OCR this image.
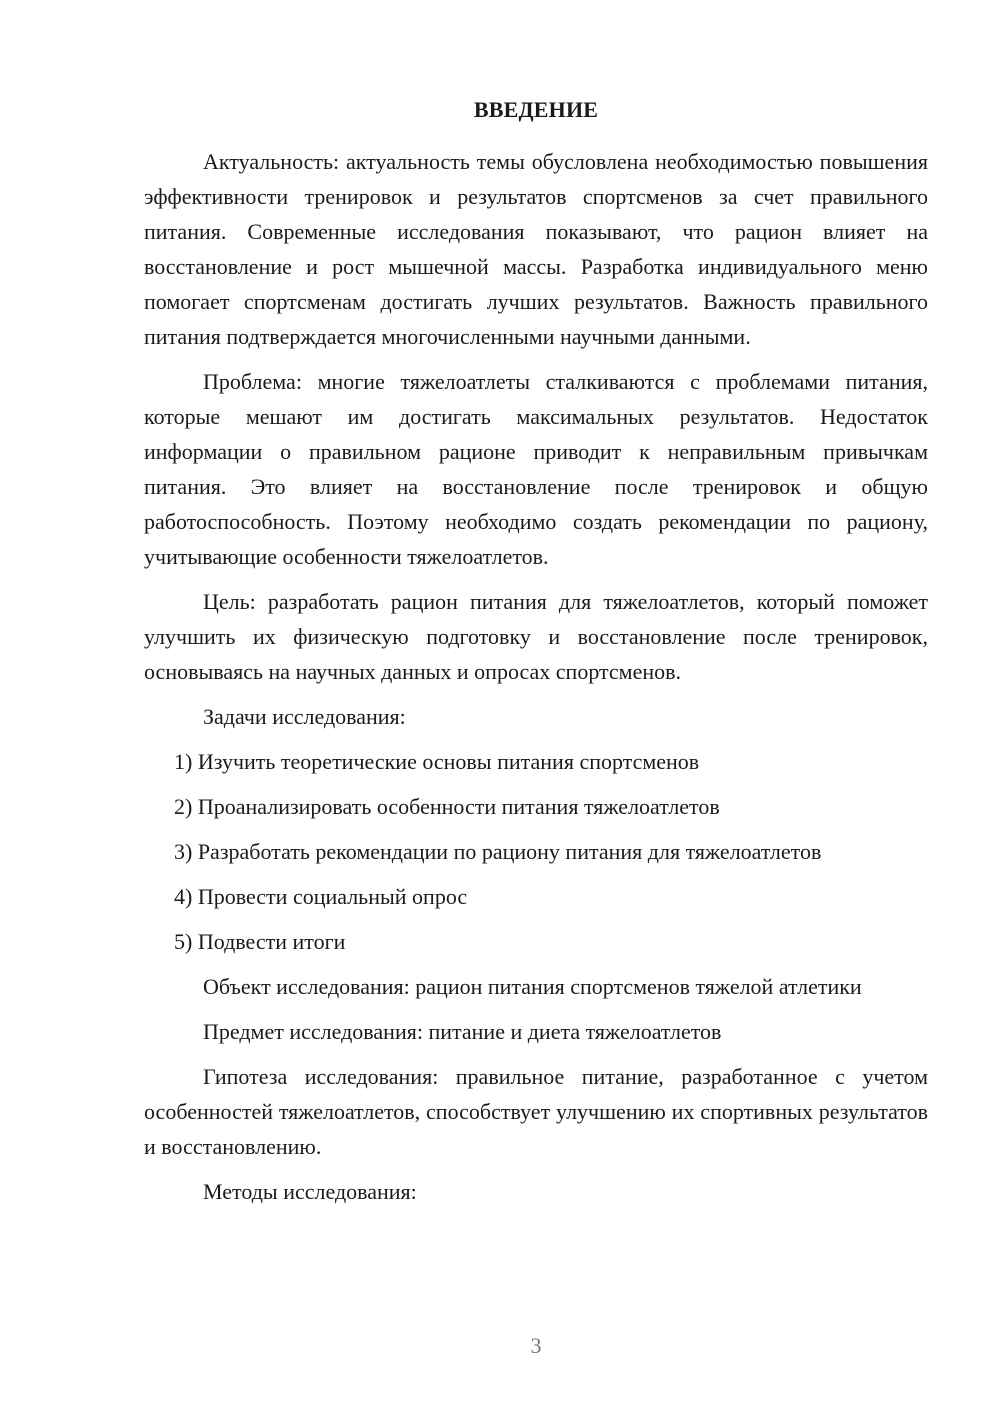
ВВЕДЕНИЕ

Актуальность: актуальность темы обусловлена необходимостью повышения эффективности тренировок и результатов спортсменов за счет правильного питания. Современные исследования показывают, что рацион влияет на восстановление и рост мышечной массы. Разработка индивидуального меню помогает спортсменам достигать лучших результатов. Важность правильного питания подтверждается многочисленными научными данными.

Проблема: многие тяжелоатлеты сталкиваются с проблемами питания, которые мешают им достигать максимальных результатов. Недостаток информации о правильном рационе приводит к неправильным привычкам питания. Это влияет на восстановление после тренировок и общую работоспособность. Поэтому необходимо создать рекомендации по рациону, учитывающие особенности тяжелоатлетов.

Цель: разработать рацион питания для тяжелоатлетов, который поможет улучшить их физическую подготовку и восстановление после тренировок, основываясь на научных данных и опросах спортсменов.

Задачи исследования:

1) Изучить теоретические основы питания спортсменов

2) Проанализировать особенности питания тяжелоатлетов

3) Разработать рекомендации по рациону питания для тяжелоатлетов

4) Провести социальный опрос

5) Подвести итоги

Объект исследования: рацион питания спортсменов тяжелой атлетики

Предмет исследования: питание и диета тяжелоатлетов

Гипотеза исследования: правильное питание, разработанное с учетом особенностей тяжелоатлетов, способствует улучшению их спортивных результатов и восстановлению.

Методы исследования:

3
